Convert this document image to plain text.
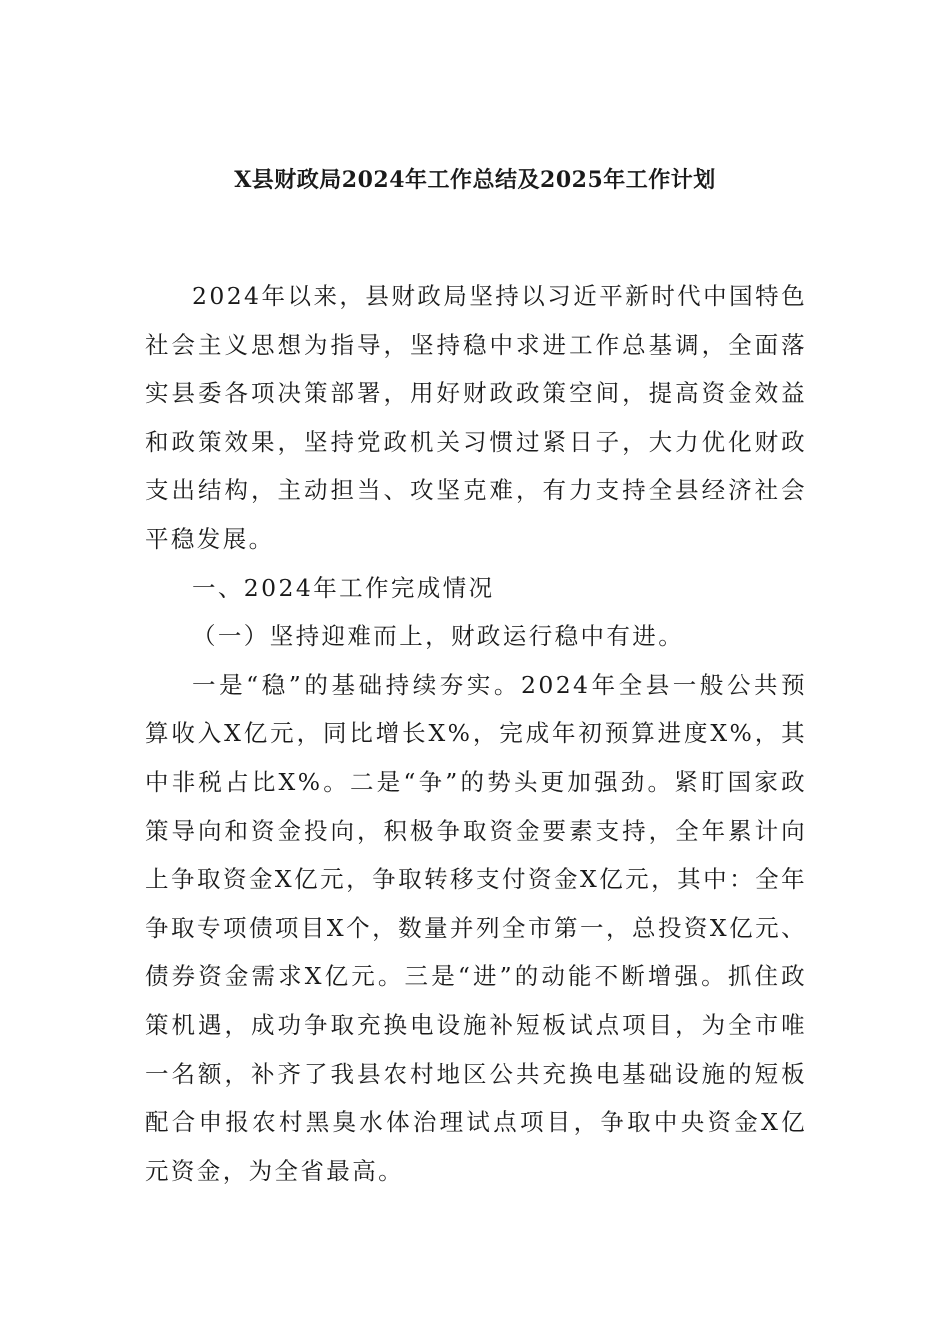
X县财政局2024年工作总结及2025年工作计划

2024年以来，县财政局坚持以习近平新时代中国特色社会主义思想为指导，坚持稳中求进工作总基调，全面落实县委各项决策部署，用好财政政策空间，提高资金效益和政策效果，坚持党政机关习惯过紧日子，大力优化财政支出结构，主动担当、攻坚克难，有力支持全县经济社会平稳发展。

一、2024年工作完成情况

（一）坚持迎难而上，财政运行稳中有进。

一是“稳”的基础持续夯实。2024年全县一般公共预算收入X亿元，同比增长X%，完成年初预算进度X%，其中非税占比X%。二是“争”的势头更加强劲。紧盯国家政策导向和资金投向，积极争取资金要素支持，全年累计向上争取资金X亿元，争取转移支付资金X亿元，其中：全年争取专项债项目X个，数量并列全市第一，总投资X亿元、债券资金需求X亿元。三是“进”的动能不断增强。抓住政策机遇，成功争取充换电设施补短板试点项目，为全市唯一名额，补齐了我县农村地区公共充换电基础设施的短板配合申报农村黑臭水体治理试点项目，争取中央资金X亿元资金，为全省最高。
